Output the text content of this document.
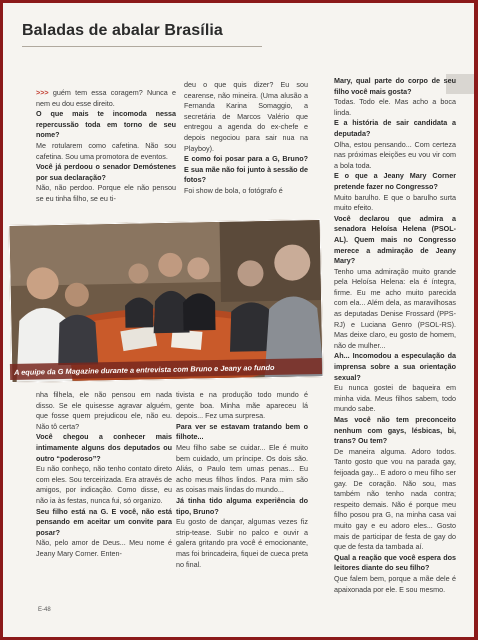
Baladas de abalar Brasília

>>> guém tem essa coragem? Nunca e nem eu dou esse direito.

O que mais te incomoda nessa repercussão toda em torno de seu nome?

Me rotularem como cafetina. Não sou cafetina. Sou uma promotora de eventos.

Você já perdoou o senador Demóstenes por sua declaração?

Não, não perdoo. Porque ele não pensou se eu tinha filho, se eu ti-

deu o que quis dizer? Eu sou cearense, não mineira. (Uma alusão a Fernanda Karina Somaggio, a secretária de Marcos Valério que entregou a agenda do ex-chefe e depois negociou para sair nua na Playboy).

E como foi posar para a G, Bruno? E sua mãe não foi junto à sessão de fotos?

Foi show de bola, o fotógrafo é

Mary, qual parte do corpo de seu filho você mais gosta?

Todas. Todo ele. Mas acho a boca linda.

E a história de sair candidata a deputada?

Olha, estou pensando... Com certeza nas próximas eleições eu vou vir com a bola toda.

E o que a Jeany Mary Corner pretende fazer no Congresso?

Muito barulho. E que o barulho surta muito efeito.

Você declarou que admira a senadora Heloísa Helena (PSOL-AL). Quem mais no Congresso merece a admiração de Jeany Mary?

Tenho uma admiração muito grande pela Heloísa Helena: ela é íntegra, firme. Eu me acho muito parecida com ela... Além dela, as maravilhosas as deputadas Denise Frossard (PPS-RJ) e Luciana Genro (PSOL-RS). Mas deixe claro, eu gosto de homem, não de mulher...

Ah... Incomodou a especulação da imprensa sobre a sua orientação sexual?

Eu nunca gostei de baqueira em minha vida. Meus filhos sabem, todo mundo sabe.

Mas você não tem preconceito nenhum com gays, lésbicas, bi, trans? Ou tem?

De maneira alguma. Adoro todos. Tanto gosto que vou na parada gay, feijoada gay... E adoro o meu filho ser gay. De coração. Não sou, mas também não tenho nada contra; respeito demais. Não é porque meu filho posou pra G, na minha casa vai muito gay e eu adoro eles... Gosto mais de participar de festa de gay do que de festa da tambada aí.

Qual a reação que você espera dos leitores diante do seu filho?

Que falem bem, porque a mãe dele é apaixonada por ele. E sou mesmo.

A equipe da G Magazine durante a entrevista com Bruno e Jeany ao fundo

nha filhela, ele não pensou em nada disso. Se ele quisesse agravar alguém, que fosse quem prejudicou ele, não eu. Não tô certa?

Você chegou a conhecer mais intimamente alguns dos deputados ou outro “poderoso”?

Eu não conheço, não tenho contato direto com eles. Sou terceirizada. Era através de amigos, por indicação. Como disse, eu não ia às festas, nunca fui, só organizo.

Seu filho está na G. E você, não está pensando em aceitar um convite para posar?

Não, pelo amor de Deus... Meu nome é Jeany Mary Corner. Enten-

tivista e na produção todo mundo é gente boa. Minha mãe apareceu lá depois... Fez uma surpresa.

Para ver se estavam tratando bem o filhote...

Meu filho sabe se cuidar... Ele é muito bem cuidado, um príncipe. Os dois são. Aliás, o Paulo tem umas penas... Eu acho meus filhos lindos. Para mim são as coisas mais lindas do mundo...

Já tinha tido alguma experiência do tipo, Bruno?

Eu gosto de dançar, algumas vezes fiz strip-tease. Subir no palco e ouvir a galera gritando pra você é emocionante, mas foi brincadeira, fiquei de cueca preta no final.

E-48
